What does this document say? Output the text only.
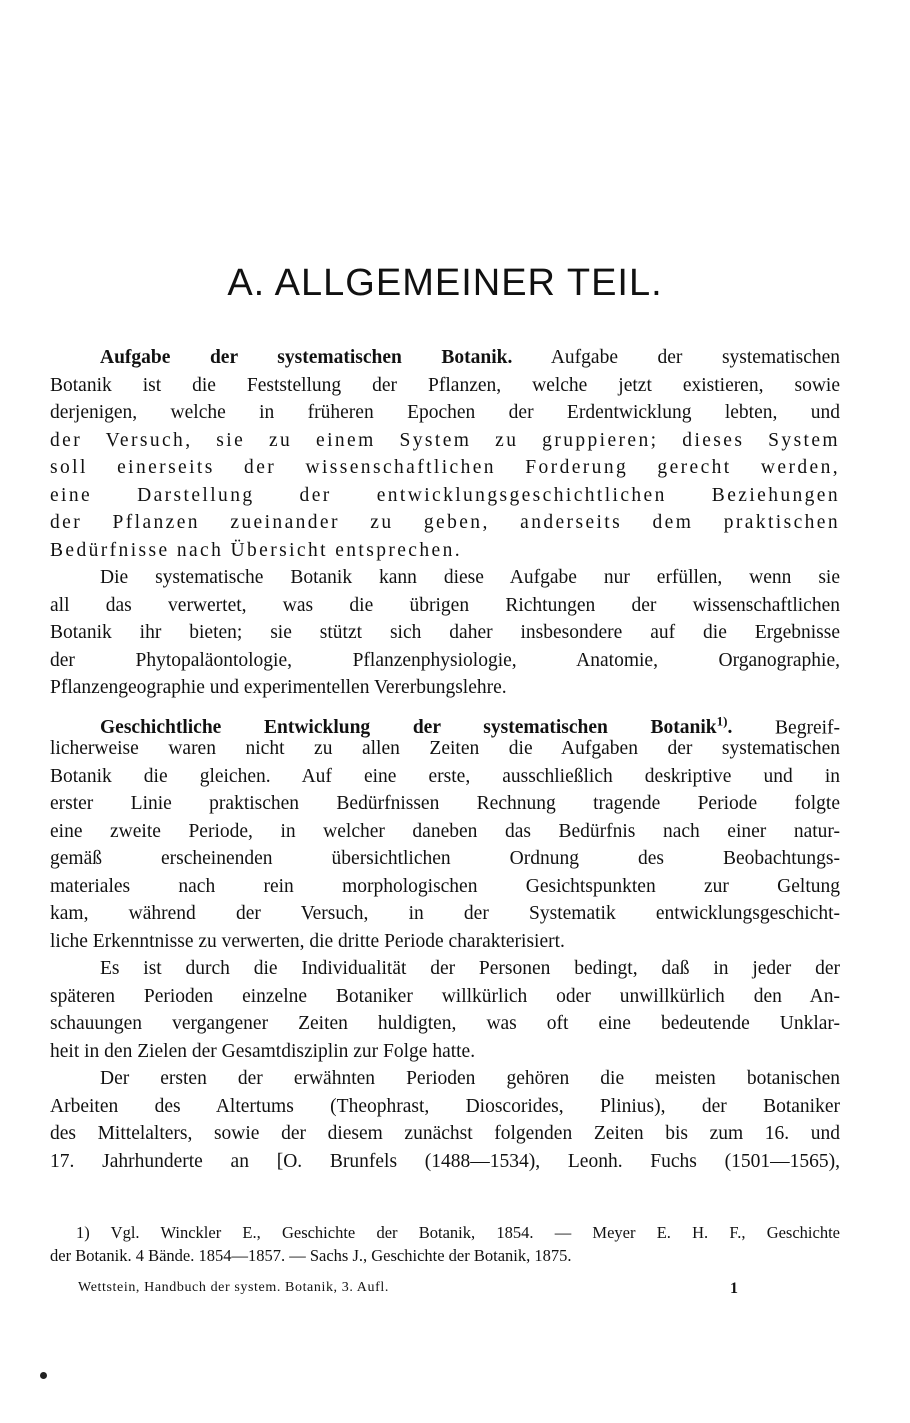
A. ALLGEMEINER TEIL.
Aufgabe der systematischen Botanik. Aufgabe der systematischen
Botanik ist die Feststellung der Pflanzen, welche jetzt existieren, sowie
derjenigen, welche in früheren Epochen der Erdentwicklung lebten, und
der Versuch, sie zu einem System zu gruppieren; dieses System
soll einerseits der wissenschaftlichen Forderung gerecht werden,
eine Darstellung der entwicklungsgeschichtlichen Beziehungen
der Pflanzen zueinander zu geben, anderseits dem praktischen
Bedürfnisse nach Übersicht entsprechen.
Die systematische Botanik kann diese Aufgabe nur erfüllen, wenn sie
all das verwertet, was die übrigen Richtungen der wissenschaftlichen
Botanik ihr bieten; sie stützt sich daher insbesondere auf die Ergebnisse
der Phytopaläontologie, Pflanzenphysiologie, Anatomie, Organographie,
Pflanzengeographie und experimentellen Vererbungslehre.
Geschichtliche Entwicklung der systematischen Botanik$^{1)}$. Begreif-
licherweise waren nicht zu allen Zeiten die Aufgaben der systematischen
Botanik die gleichen. Auf eine erste, ausschließlich deskriptive und in
erster Linie praktischen Bedürfnissen Rechnung tragende Periode folgte
eine zweite Periode, in welcher daneben das Bedürfnis nach einer natur-
gemäß erscheinenden übersichtlichen Ordnung des Beobachtungs-
materiales nach rein morphologischen Gesichtspunkten zur Geltung
kam, während der Versuch, in der Systematik entwicklungsgeschicht-
liche Erkenntnisse zu verwerten, die dritte Periode charakterisiert.
Es ist durch die Individualität der Personen bedingt, daß in jeder der
späteren Perioden einzelne Botaniker willkürlich oder unwillkürlich den An-
schauungen vergangener Zeiten huldigten, was oft eine bedeutende Unklar-
heit in den Zielen der Gesamtdisziplin zur Folge hatte.
Der ersten der erwähnten Perioden gehören die meisten botanischen
Arbeiten des Altertums (Theophrast, Dioscorides, Plinius), der Botaniker
des Mittelalters, sowie der diesem zunächst folgenden Zeiten bis zum 16. und
17. Jahrhunderte an [O. Brunfels (1488—1534), Leonh. Fuchs (1501—1565),
1) Vgl. Winckler E., Geschichte der Botanik, 1854. — Meyer E. H. F., Geschichte
der Botanik. 4 Bände. 1854—1857. — Sachs J., Geschichte der Botanik, 1875.
Wettstein, Handbuch der system. Botanik, 3. Aufl.	1
